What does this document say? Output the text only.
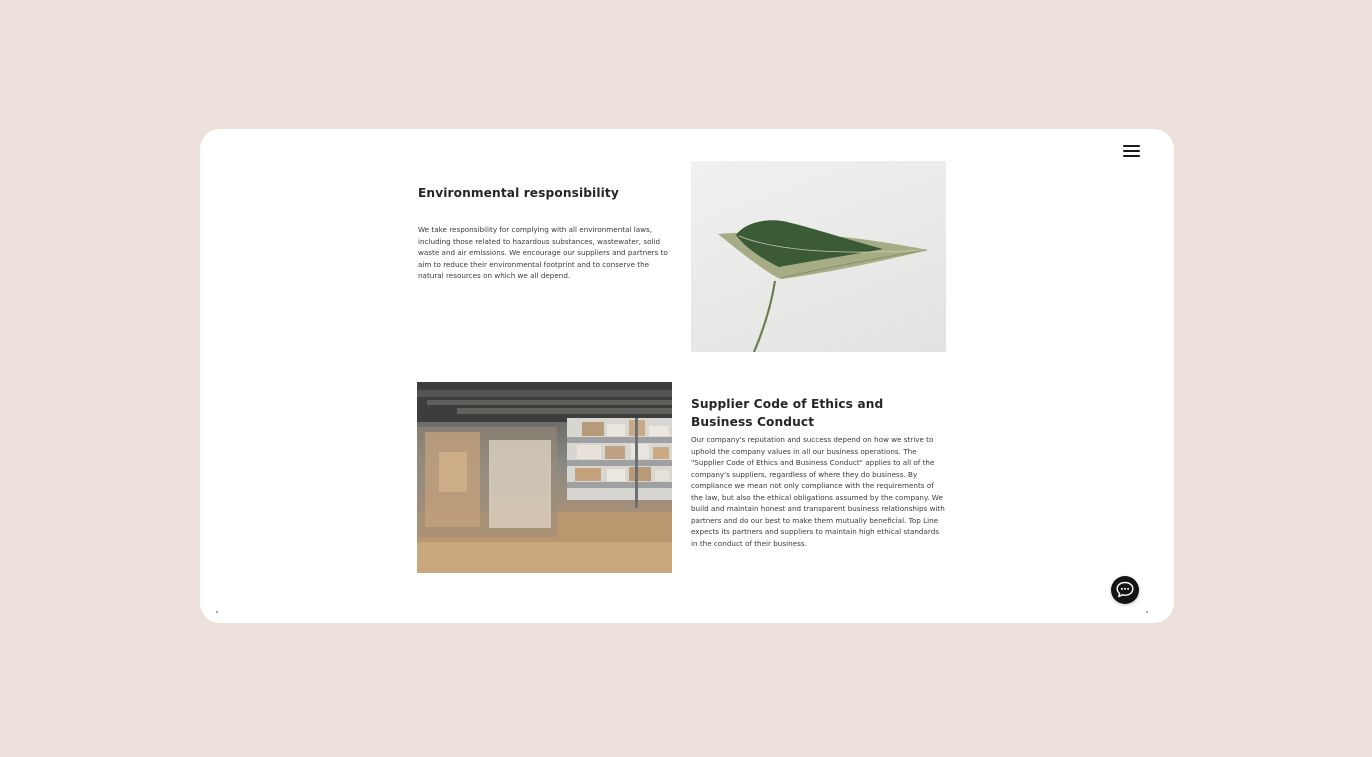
Environmental responsibility

We take responsibility for complying with all environmental laws, including those related to hazardous substances, wastewater, solid waste and air emissions. We encourage our suppliers and partners to aim to reduce their environmental footprint and to conserve the natural resources on which we all depend.

Supplier Code of Ethics and Business Conduct

Our company's reputation and success depend on how we strive to uphold the company values in all our business operations. The "Supplier Code of Ethics and Business Conduct" applies to all of the company's suppliers, regardless of where they do business. By compliance we mean not only compliance with the requirements of the law, but also the ethical obligations assumed by the company. We build and maintain honest and transparent business relationships with partners and do our best to make them mutually beneficial. Top Line expects its partners and suppliers to maintain high ethical standards in the conduct of their business.
